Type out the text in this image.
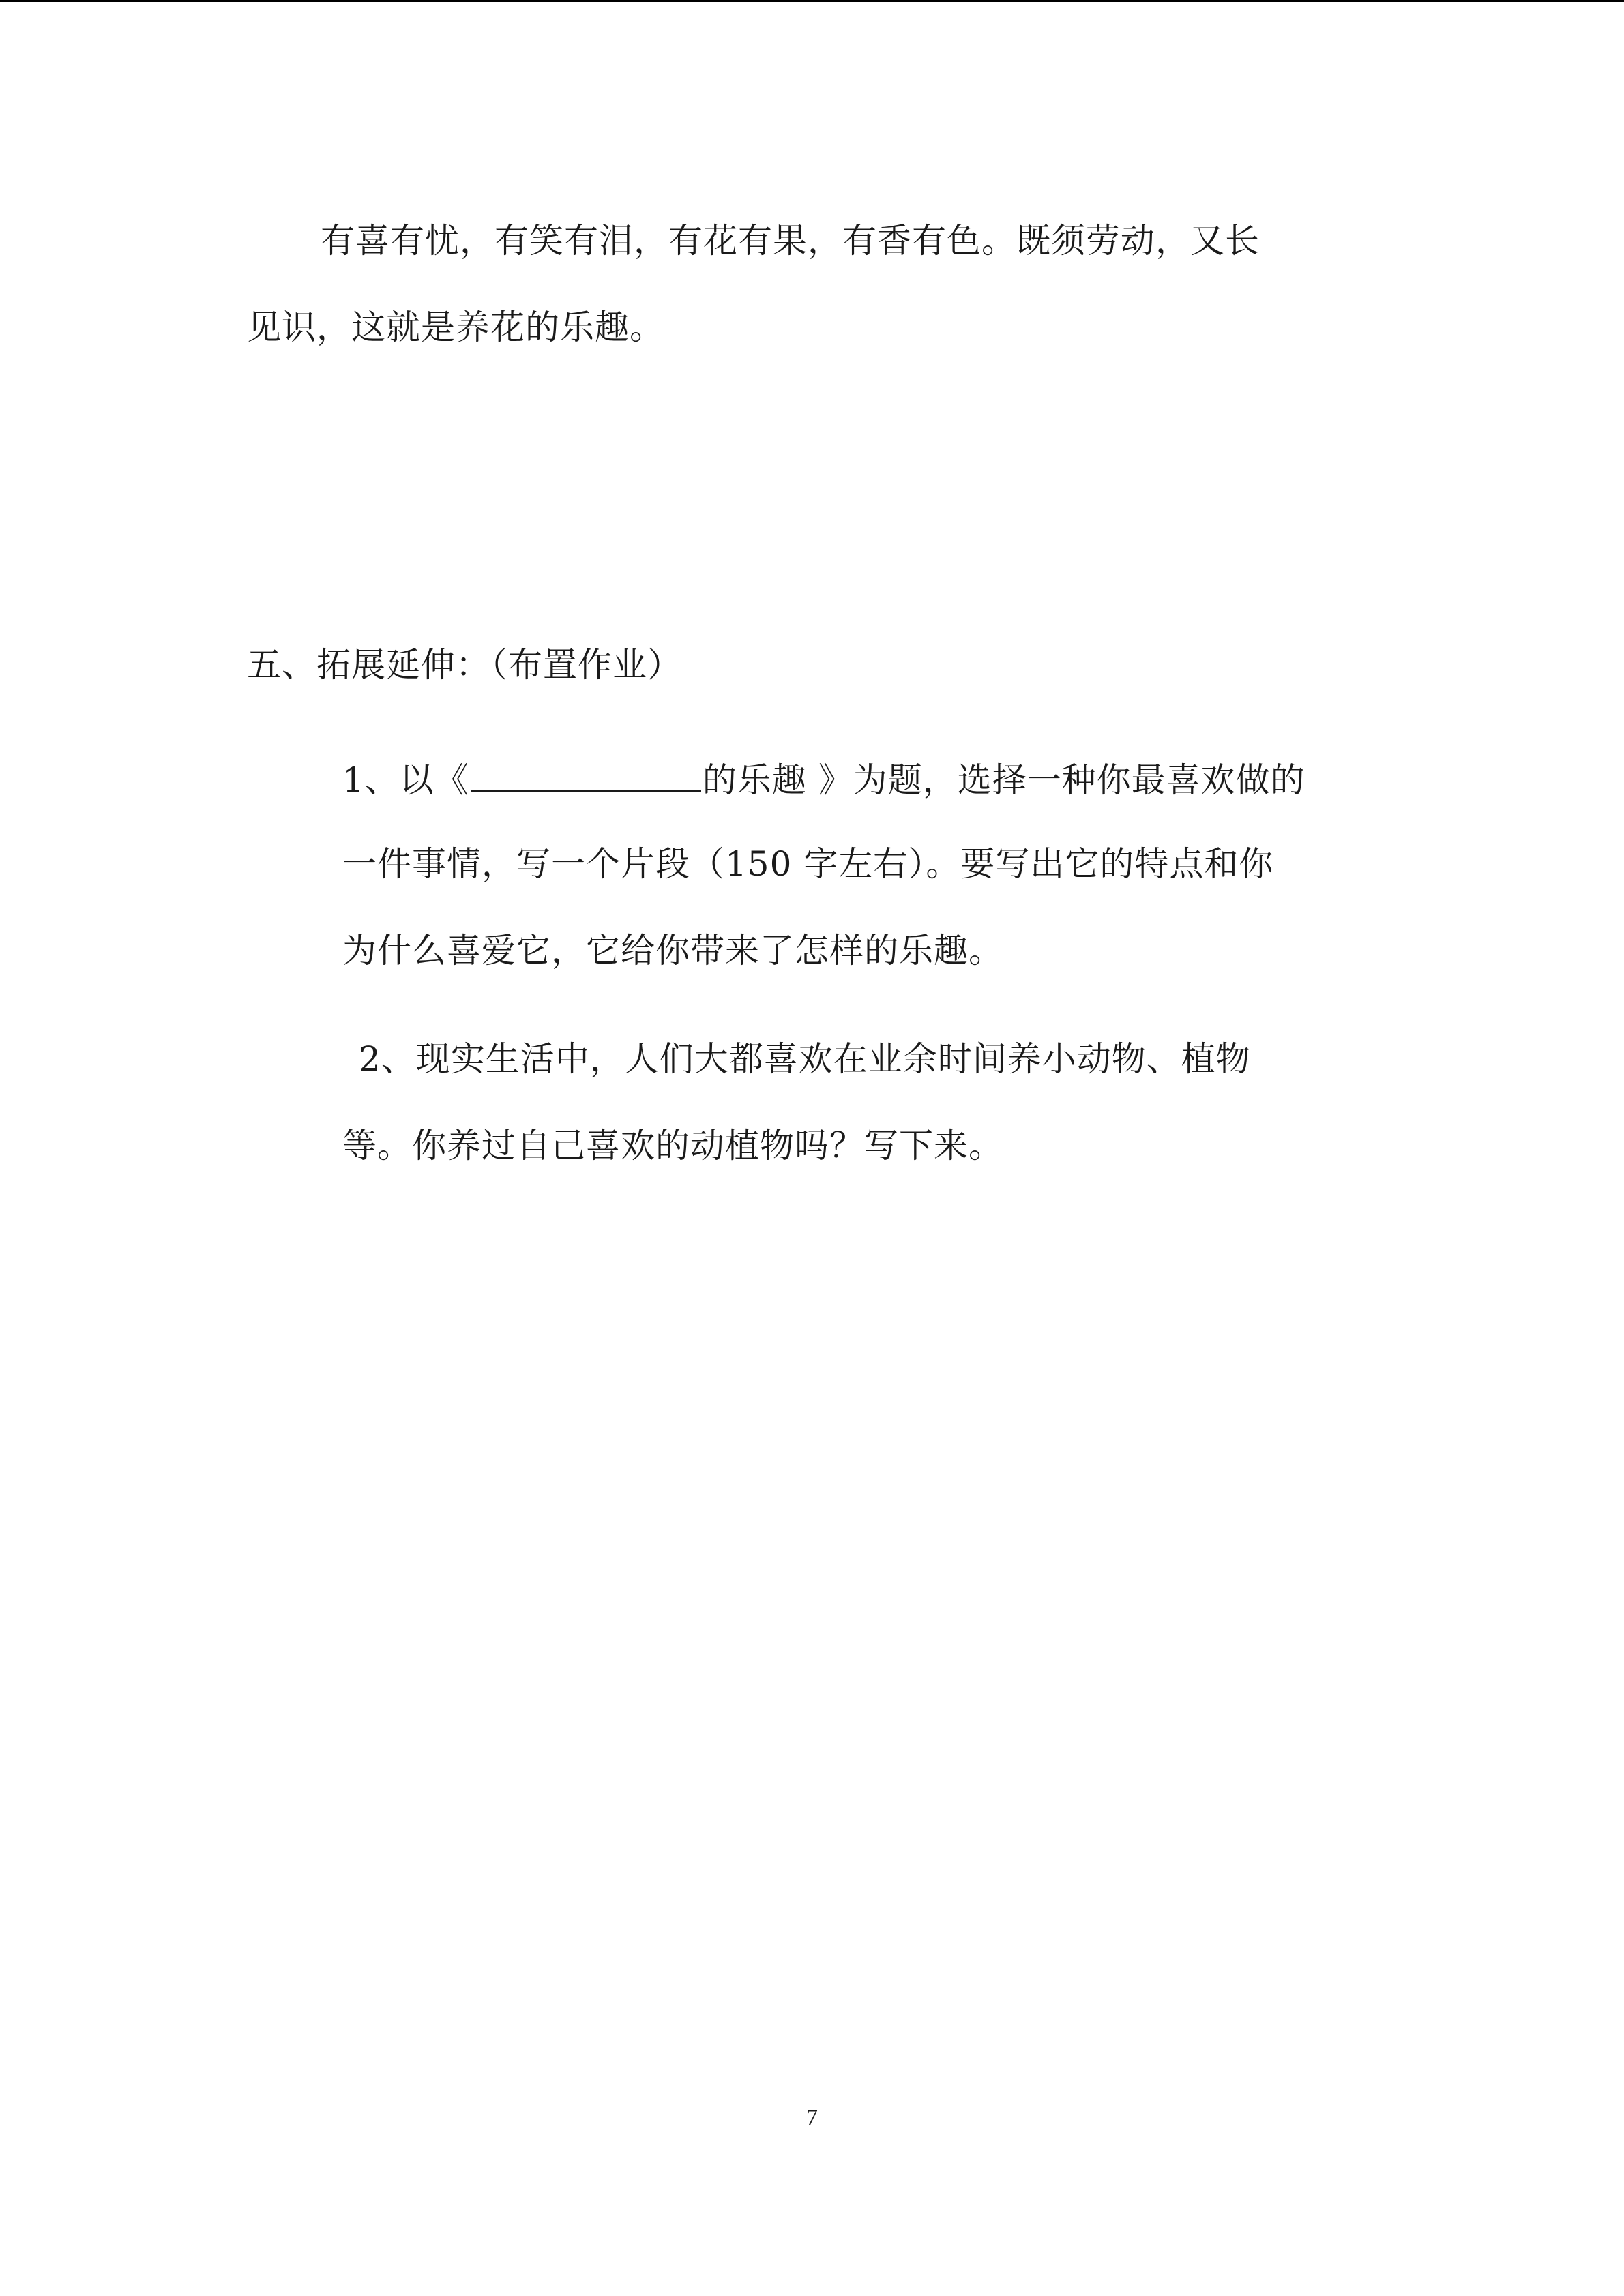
有喜有忧，有笑有泪，有花有果，有香有色。既须劳动，又长
见识，这就是养花的乐趣。
五、拓展延伸：（布置作业）
1、以《	的乐趣 》为题，选择一种你最喜欢做的
一件事情，写一个片段（150 字左右）。要写出它的特点和你
为什么喜爱它，它给你带来了怎样的乐趣。
2、现实生活中，人们大都喜欢在业余时间养小动物、植物
等。你养过自己喜欢的动植物吗？写下来。
7
